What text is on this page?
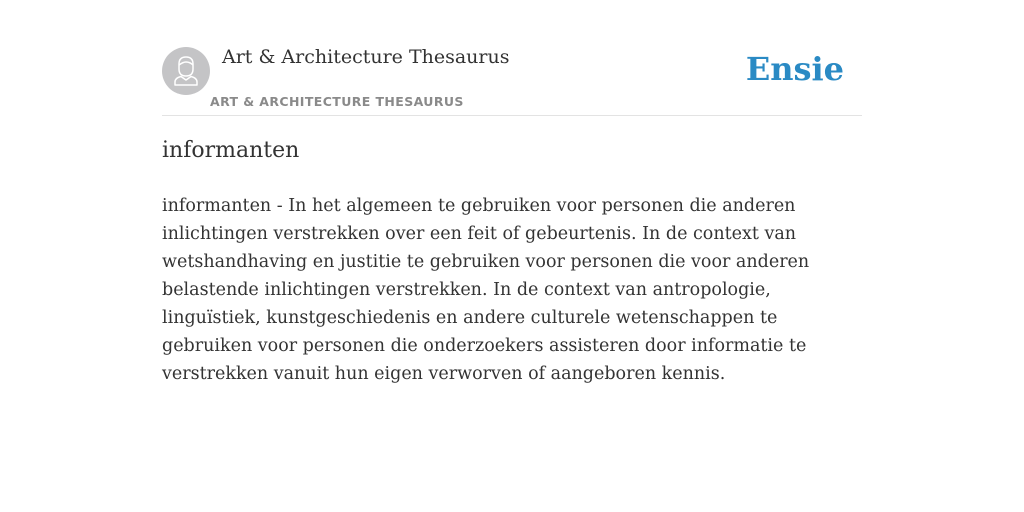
Art & Architecture Thesaurus
ART & ARCHITECTURE THESAURUS
Ensie
informanten

informanten - In het algemeen te gebruiken voor personen die anderen inlichtingen verstrekken over een feit of gebeurtenis. In de context van wetshandhaving en justitie te gebruiken voor personen die voor anderen belastende inlichtingen verstrekken. In de context van antropologie, linguïstiek, kunstgeschiedenis en andere culturele wetenschappen te gebruiken voor personen die onderzoekers assisteren door informatie te verstrekken vanuit hun eigen verworven of aangeboren kennis.
